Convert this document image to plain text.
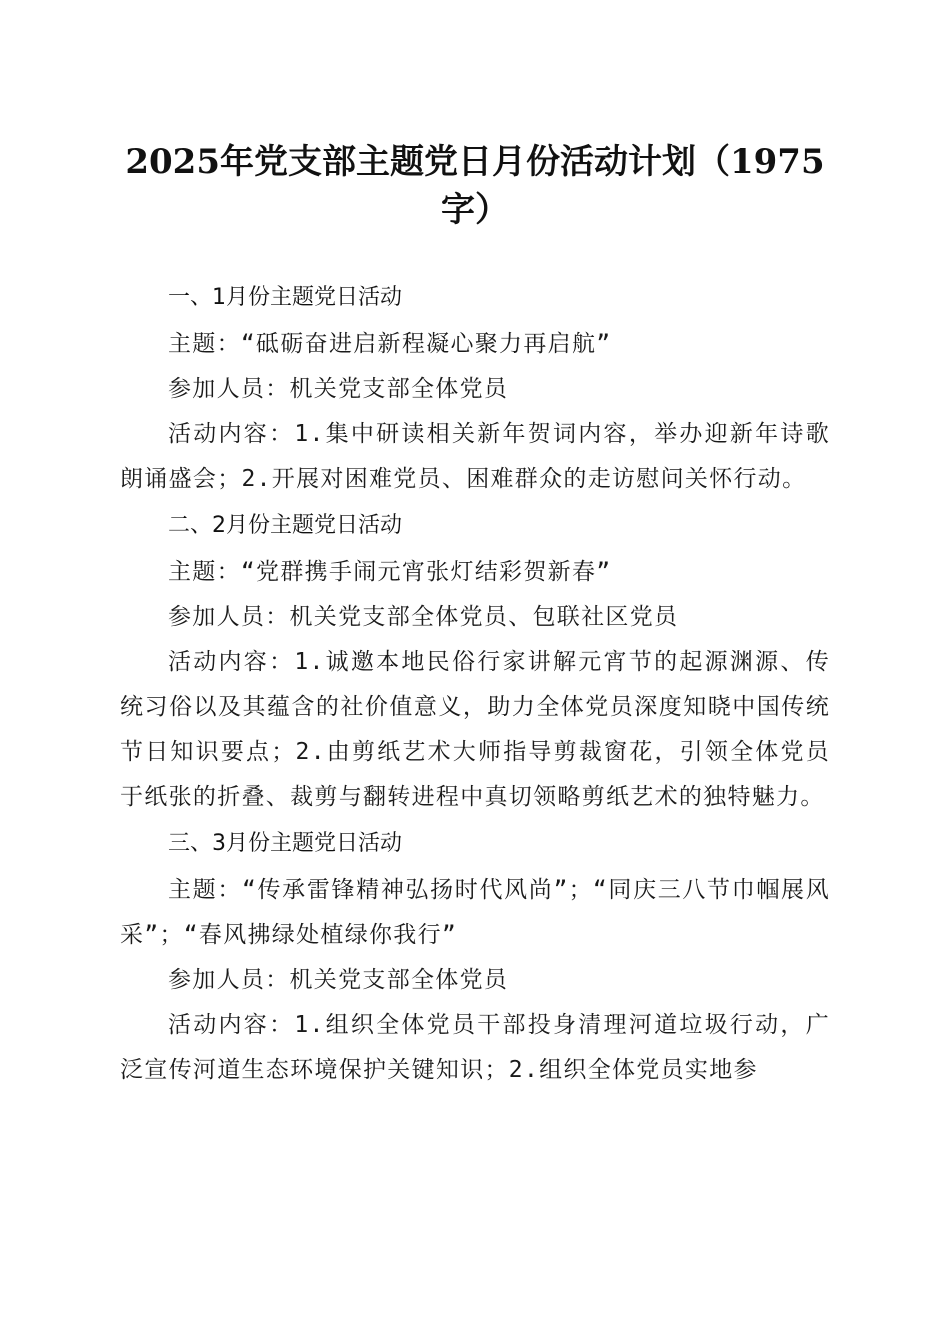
2025年党支部主题党日月份活动计划（1975字）

一、1月份主题党日活动

主题：“砥砺奋进启新程凝心聚力再启航”

参加人员：机关党支部全体党员

活动内容：1.集中研读相关新年贺词内容，举办迎新年诗歌朗诵盛会；2.开展对困难党员、困难群众的走访慰问关怀行动。

二、2月份主题党日活动

主题：“党群携手闹元宵张灯结彩贺新春”

参加人员：机关党支部全体党员、包联社区党员

活动内容：1.诚邀本地民俗行家讲解元宵节的起源渊源、传统习俗以及其蕴含的社价值意义，助力全体党员深度知晓中国传统节日知识要点；2.由剪纸艺术大师指导剪裁窗花，引领全体党员于纸张的折叠、裁剪与翻转进程中真切领略剪纸艺术的独特魅力。

三、3月份主题党日活动

主题：“传承雷锋精神弘扬时代风尚”；“同庆三八节巾帼展风采”；“春风拂绿处植绿你我行”

参加人员：机关党支部全体党员

活动内容：1.组织全体党员干部投身清理河道垃圾行动，广泛宣传河道生态环境保护关键知识；2.组织全体党员实地参
